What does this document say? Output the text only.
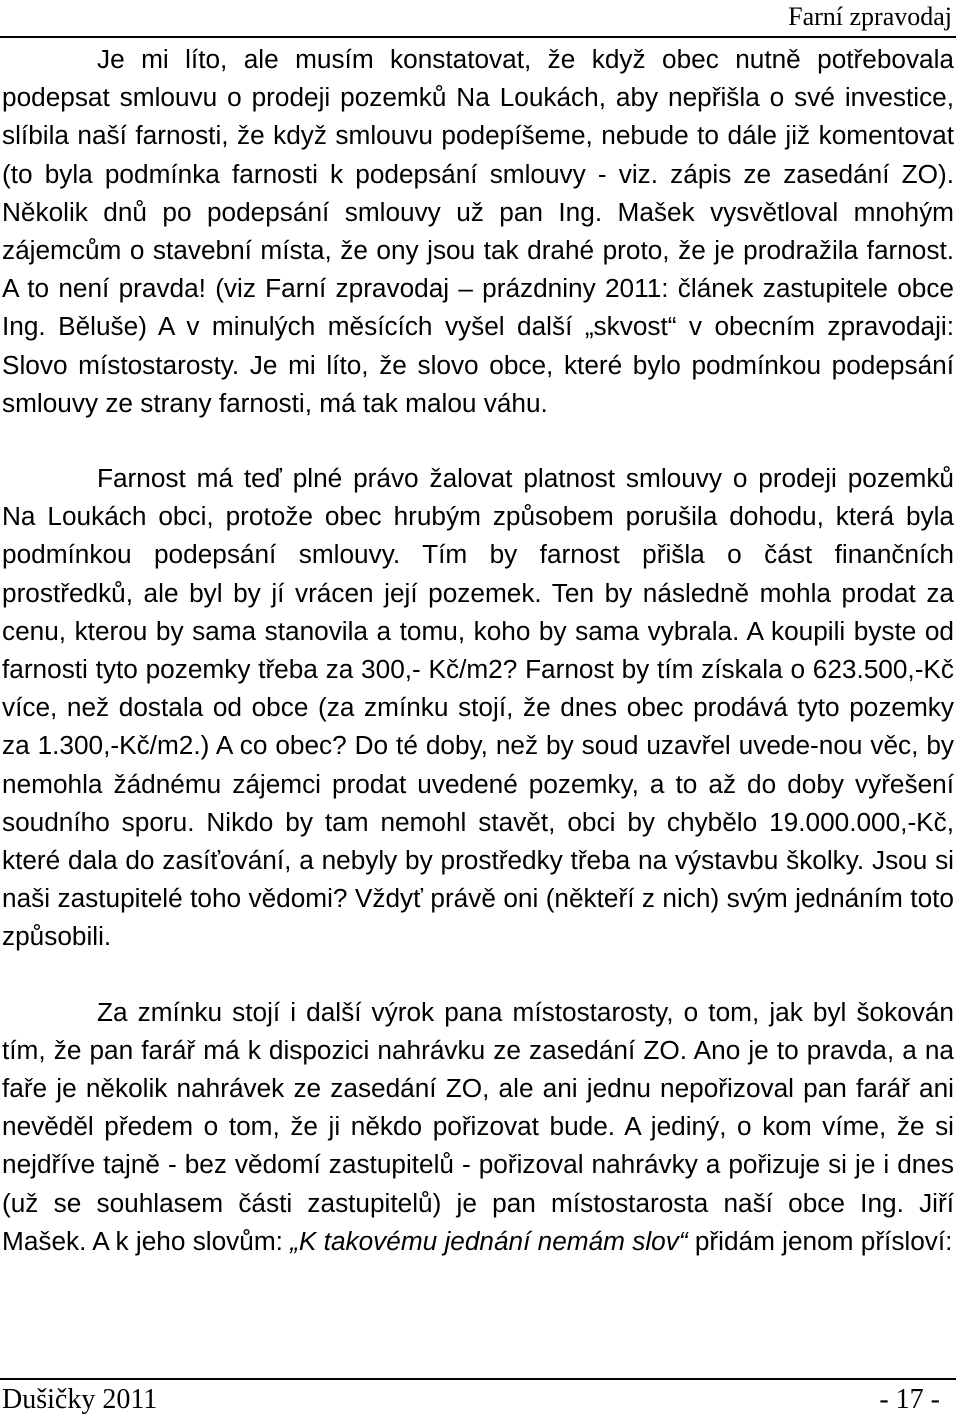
Farní zpravodaj

Je mi líto, ale musím konstatovat, že když obec nutně potřebovala podepsat smlouvu o prodeji pozemků Na Loukách, aby nepřišla o své investice, slíbila naší farnosti, že když smlouvu podepíšeme, nebude to dále již komentovat (to byla podmínka farnosti k podepsání smlouvy - viz. zápis ze zasedání ZO). Několik dnů po podepsání smlouvy už pan Ing. Mašek vysvětloval mnohým zájemcům o stavební místa, že ony jsou tak drahé proto, že je prodražila farnost. A to není pravda! (viz Farní zpravodaj – prázdniny 2011: článek zastupitele obce Ing. Běluše) A v minulých měsících vyšel další „skvost“ v obecním zpravodaji: Slovo místostarosty. Je mi líto, že slovo obce, které bylo podmínkou podepsání smlouvy ze strany farnosti, má tak malou váhu.

Farnost má teď plné právo žalovat platnost smlouvy o prodeji pozemků Na Loukách obci, protože obec hrubým způsobem porušila dohodu, která byla podmínkou podepsání smlouvy. Tím by farnost přišla o část finančních prostředků, ale byl by jí vrácen její pozemek. Ten by následně mohla prodat za cenu, kterou by sama stanovila a tomu, koho by sama vybrala. A koupili byste od farnosti tyto pozemky třeba za 300,- Kč/m2? Farnost by tím získala o 623.500,-Kč více, než dostala od obce (za zmínku stojí, že dnes obec prodává tyto pozemky za 1.300,-Kč/m2.) A co obec? Do té doby, než by soud uzavřel uvede-nou věc, by nemohla žádnému zájemci prodat uvedené pozemky, a to až do doby vyřešení soudního sporu. Nikdo by tam nemohl stavět, obci by chybělo 19.000.000,-Kč, které dala do zasíťování, a nebyly by prostředky třeba na výstavbu školky. Jsou si naši zastupitelé toho vědomi? Vždyť právě oni (někteří z nich) svým jednáním toto způsobili.

Za zmínku stojí i další výrok pana místostarosty, o tom, jak byl šokován tím, že pan farář má k dispozici nahrávku ze zasedání ZO. Ano je to pravda, a na faře je několik nahrávek ze zasedání ZO, ale ani jednu nepořizoval pan farář ani nevěděl předem o tom, že ji někdo pořizovat bude. A jediný, o kom víme, že si nejdříve tajně - bez vědomí zastupitelů - pořizoval nahrávky a pořizuje si je i dnes (už se souhlasem části zastupitelů) je pan místostarosta naší obce Ing. Jiří Mašek. A k jeho slovům: „K takovému jednání nemám slov“ přidám jenom přísloví:

Dušičky 2011	- 17 -
